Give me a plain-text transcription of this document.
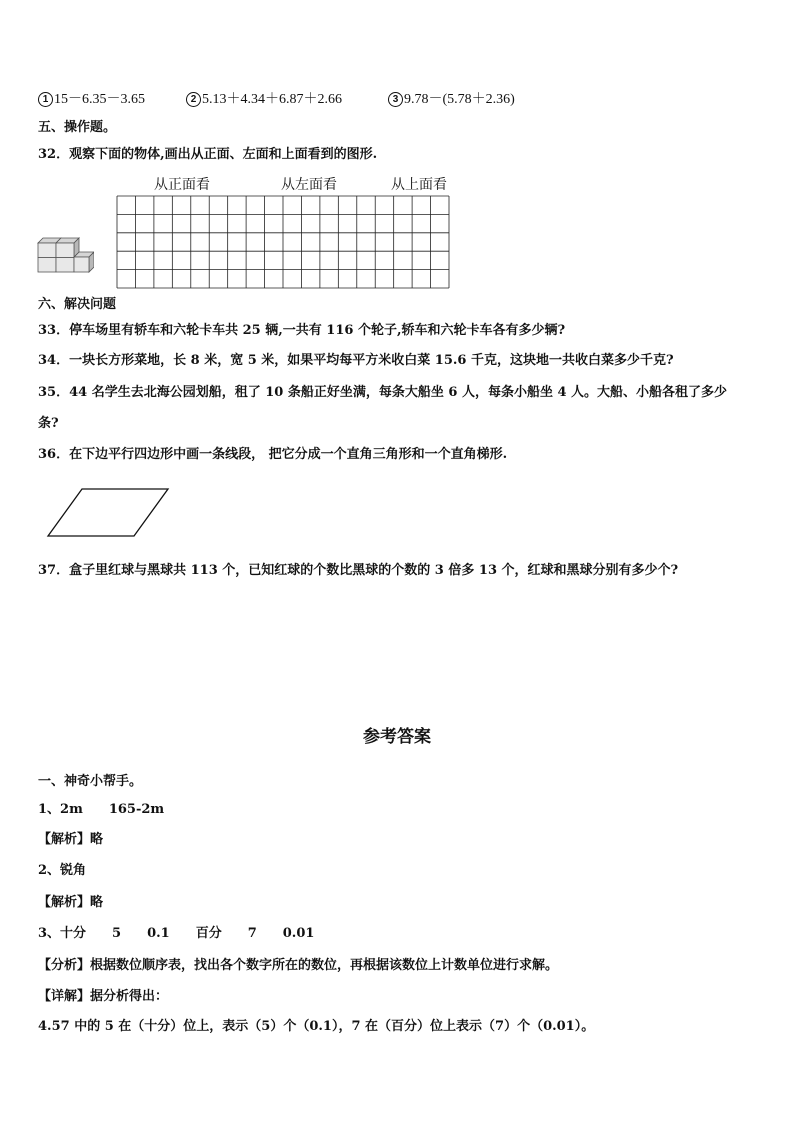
1 15－6.35－3.65	2 5.13＋4.34＋6.87＋2.66	3 9.78－(5.78＋2.36)
五、操作题。
32．观察下面的物体,画出从正面、左面和上面看到的图形.
从正面看	从左面看	从上面看
六、解决问题
33．停车场里有轿车和六轮卡车共 25 辆,一共有 116 个轮子,轿车和六轮卡车各有多少辆?
34．一块长方形菜地，长 8 米，宽 5 米，如果平均每平方米收白菜 15.6 千克，这块地一共收白菜多少千克?
35．44 名学生去北海公园划船，租了 10 条船正好坐满，每条大船坐 6 人，每条小船坐 4 人。大船、小船各租了多少
条?
36．在下边平行四边形中画一条线段， 把它分成一个直角三角形和一个直角梯形.
37．盒子里红球与黑球共 113 个，已知红球的个数比黑球的个数的 3 倍多 13 个，红球和黑球分别有多少个?
参考答案
一、神奇小帮手。
1、2m　　165-2m
【解析】略
2、锐角
【解析】略
3、十分　　5　　0.1　　百分　　7　　0.01
【分析】根据数位顺序表，找出各个数字所在的数位，再根据该数位上计数单位进行求解。
【详解】据分析得出：
4.57 中的 5 在（十分）位上，表示（5）个（0.1），7 在（百分）位上表示（7）个（0.01）。
